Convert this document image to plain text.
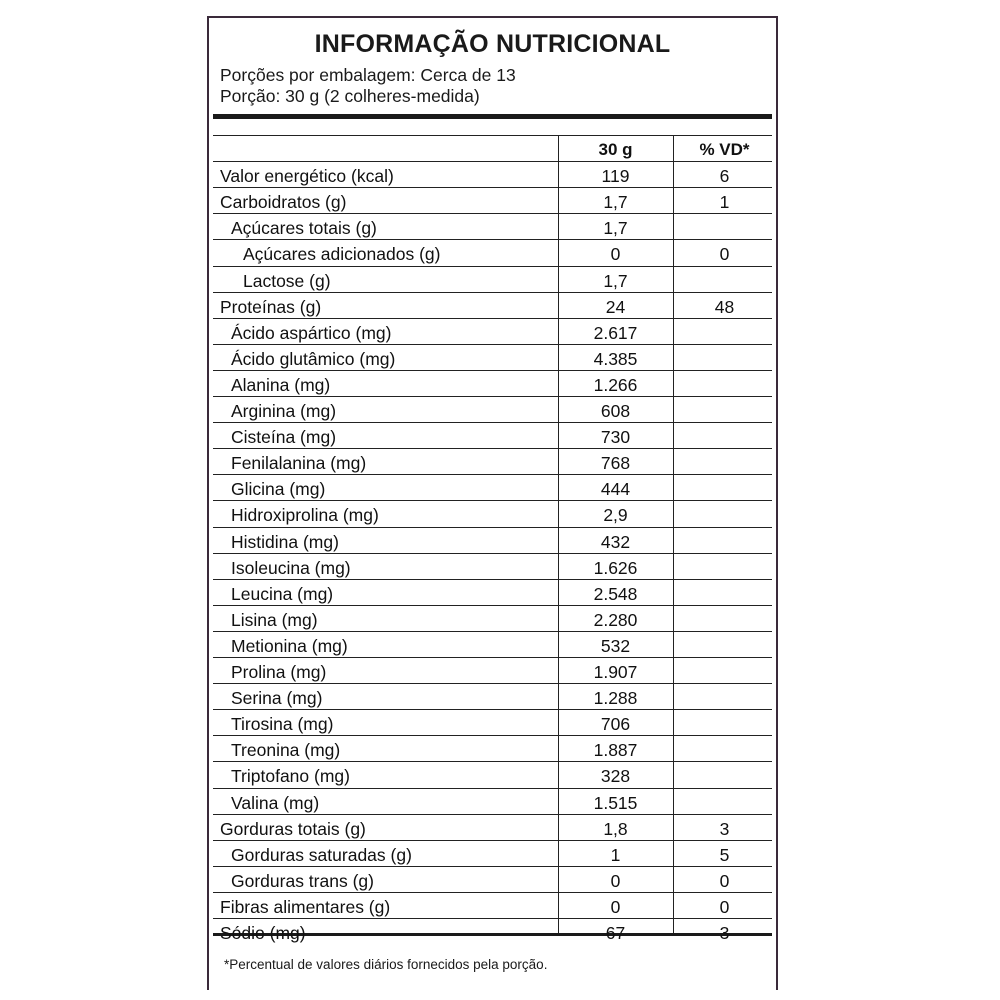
INFORMAÇÃO NUTRICIONAL
Porções por embalagem: Cerca de 13
Porção: 30 g (2 colheres-medida)
30 g	% VD*
Valor energético (kcal)	119	6
Carboidratos (g)	1,7	1
Açúcares totais (g)	1,7
Açúcares adicionados (g)	0	0
Lactose (g)	1,7
Proteínas (g)	24	48
Ácido aspártico (mg)	2.617
Ácido glutâmico (mg)	4.385
Alanina (mg)	1.266
Arginina (mg)	608
Cisteína (mg)	730
Fenilalanina (mg)	768
Glicina (mg)	444
Hidroxiprolina (mg)	2,9
Histidina (mg)	432
Isoleucina (mg)	1.626
Leucina (mg)	2.548
Lisina (mg)	2.280
Metionina (mg)	532
Prolina (mg)	1.907
Serina (mg)	1.288
Tirosina (mg)	706
Treonina (mg)	1.887
Triptofano (mg)	328
Valina (mg)	1.515
Gorduras totais (g)	1,8	3
Gorduras saturadas (g)	1	5
Gorduras trans (g)	0	0
Fibras alimentares (g)	0	0
Sódio (mg)	67	3
*Percentual de valores diários fornecidos pela porção.
